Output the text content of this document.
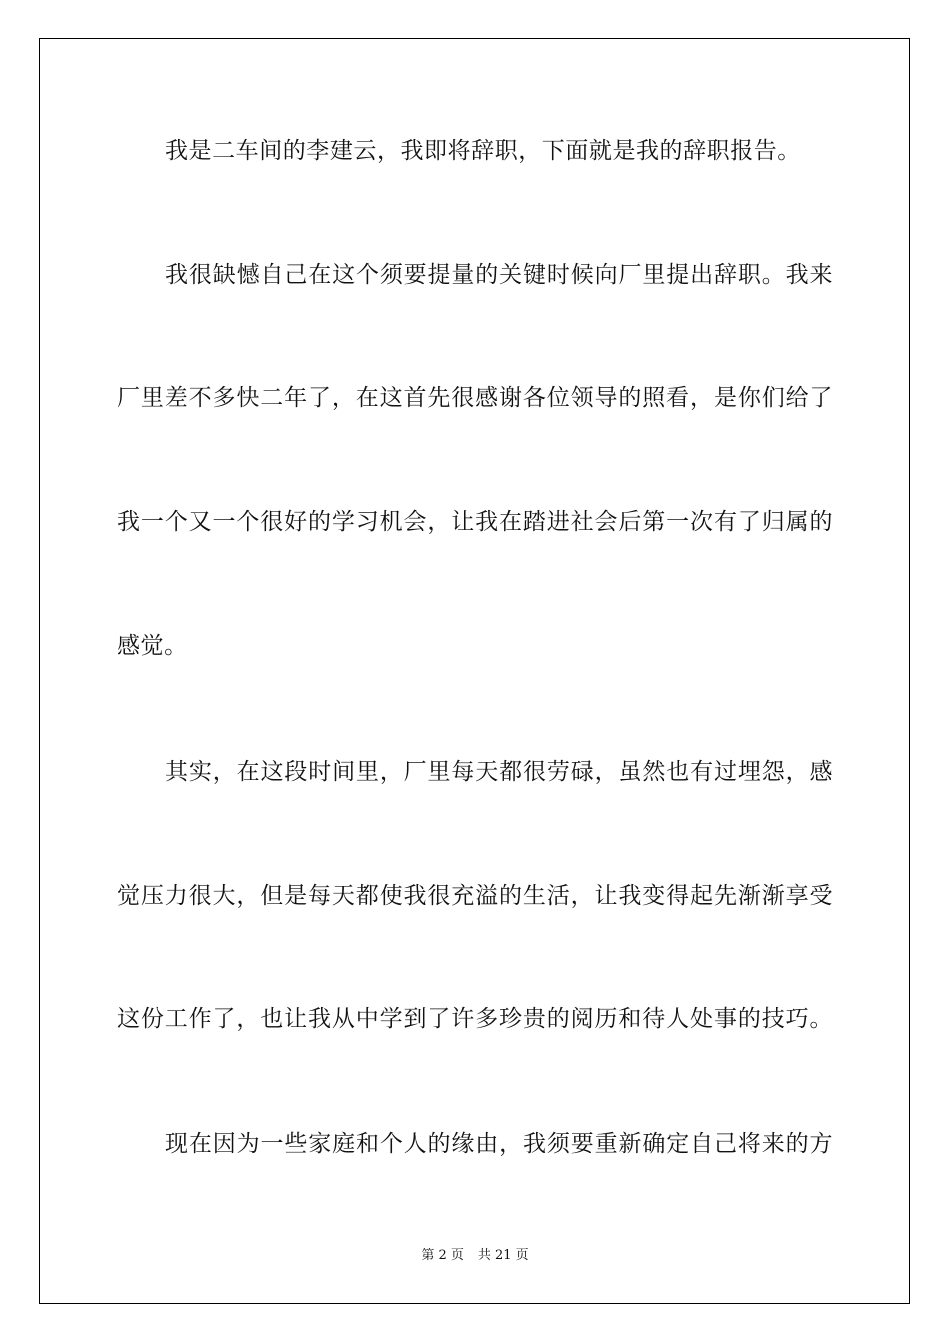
我是二车间的李建云，我即将辞职，下面就是我的辞职报告。

我很缺憾自己在这个须要提量的关键时候向厂里提出辞职。我来

厂里差不多快二年了，在这首先很感谢各位领导的照看，是你们给了

我一个又一个很好的学习机会，让我在踏进社会后第一次有了归属的

感觉。

其实，在这段时间里，厂里每天都很劳碌，虽然也有过埋怨，感

觉压力很大，但是每天都使我很充溢的生活，让我变得起先渐渐享受

这份工作了，也让我从中学到了许多珍贵的阅历和待人处事的技巧。

现在因为一些家庭和个人的缘由，我须要重新确定自己将来的方

第 2 页 共 21 页
